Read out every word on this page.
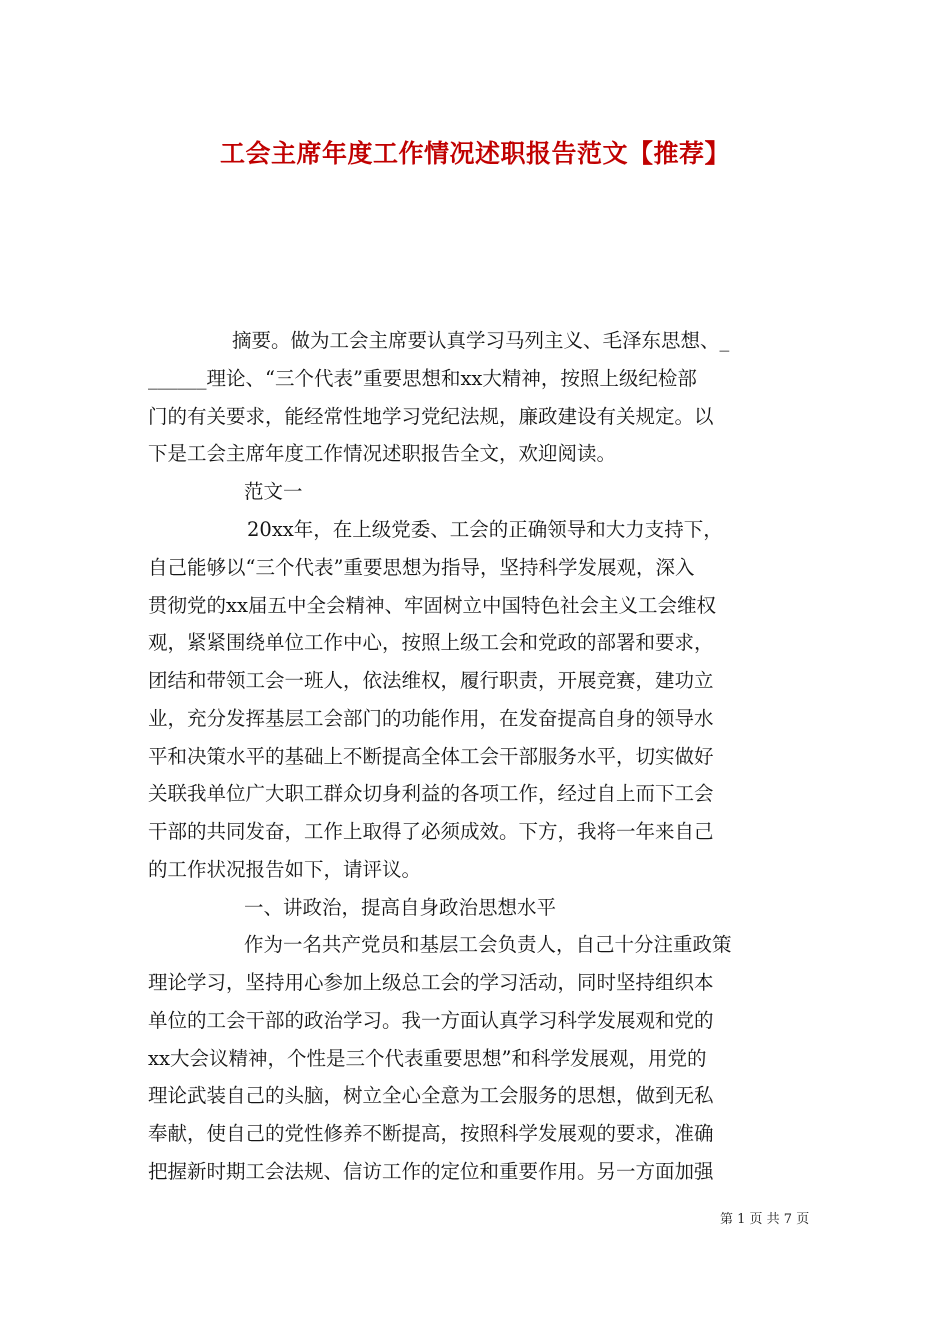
工会主席年度工作情况述职报告范文【推荐】
摘要。做为工会主席要认真学习马列主义、毛泽东思想、_
______理论、“三个代表”重要思想和xx大精神，按照上级纪检部
门的有关要求，能经常性地学习党纪法规，廉政建设有关规定。以
下是工会主席年度工作情况述职报告全文，欢迎阅读。
范文一
20xx年，在上级党委、工会的正确领导和大力支持下，
自己能够以“三个代表”重要思想为指导，坚持科学发展观，深入
贯彻党的xx届五中全会精神、牢固树立中国特色社会主义工会维权
观，紧紧围绕单位工作中心，按照上级工会和党政的部署和要求，
团结和带领工会一班人，依法维权，履行职责，开展竞赛，建功立
业，充分发挥基层工会部门的功能作用，在发奋提高自身的领导水
平和决策水平的基础上不断提高全体工会干部服务水平，切实做好
关联我单位广大职工群众切身利益的各项工作，经过自上而下工会
干部的共同发奋，工作上取得了必须成效。下方，我将一年来自己
的工作状况报告如下，请评议。
一、讲政治，提高自身政治思想水平
作为一名共产党员和基层工会负责人，自己十分注重政策
理论学习，坚持用心参加上级总工会的学习活动，同时坚持组织本
单位的工会干部的政治学习。我一方面认真学习科学发展观和党的
xx大会议精神，个性是三个代表重要思想”和科学发展观，用党的
理论武装自己的头脑，树立全心全意为工会服务的思想，做到无私
奉献，使自己的党性修养不断提高，按照科学发展观的要求，准确
把握新时期工会法规、信访工作的定位和重要作用。另一方面加强
第 1 页 共 7 页
